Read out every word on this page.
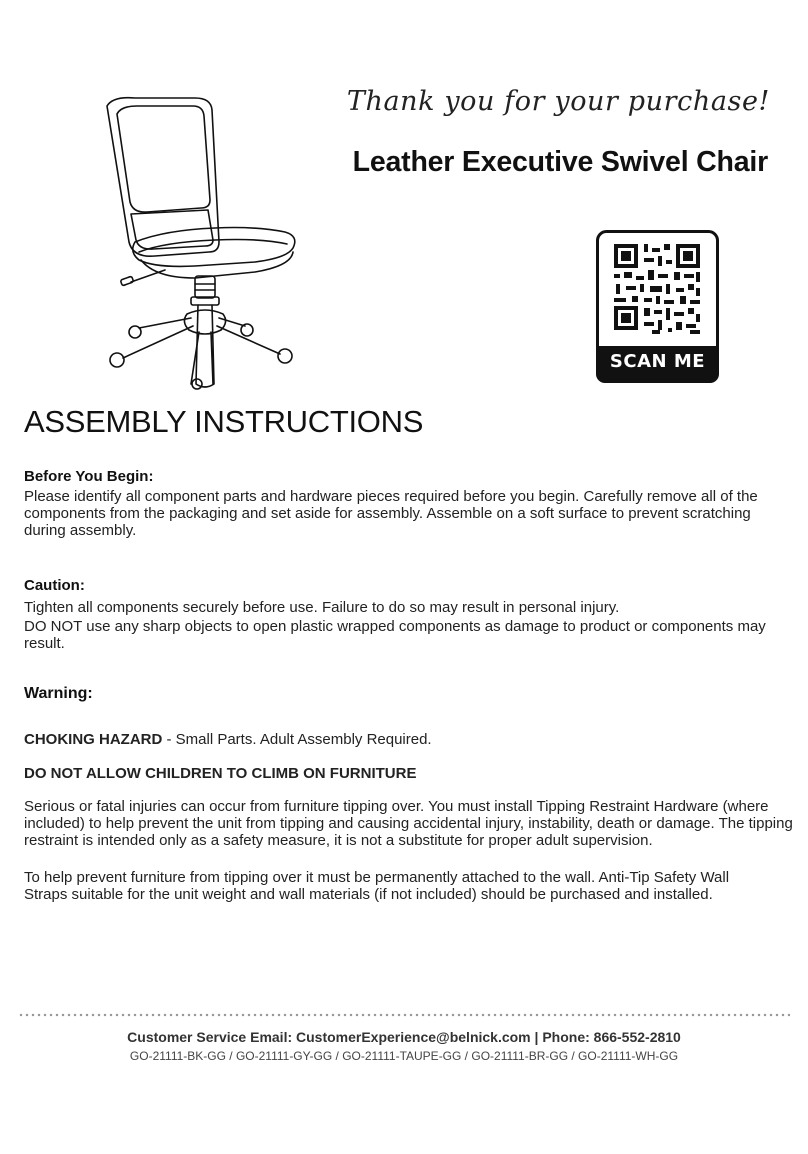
Thank you for your purchase!
Leather Executive Swivel Chair
SCAN ME
ASSEMBLY INSTRUCTIONS
Before You Begin:
Please identify all component parts and hardware pieces required before you begin. Carefully remove all of the components from the packaging and set aside for assembly. Assemble on a soft surface to prevent scratching during assembly.
Caution:
Tighten all components securely before use. Failure to do so may result in personal injury.
DO NOT use any sharp objects to open plastic wrapped components as damage to product or components may result.
Warning:
CHOKING HAZARD - Small Parts. Adult Assembly Required.
DO NOT ALLOW CHILDREN TO CLIMB ON FURNITURE
Serious or fatal injuries can occur from furniture tipping over. You must install Tipping Restraint Hardware (where included) to help prevent the unit from tipping and causing accidental injury, instability, death or damage. The tipping restraint is intended only as a safety measure, it is not a substitute for proper adult supervision.
To help prevent furniture from tipping over it must be permanently attached to the wall. Anti-Tip Safety Wall Straps suitable for the unit weight and wall materials (if not included) should be purchased and installed.
Customer Service Email: CustomerExperience@belnick.com | Phone: 866-552-2810
GO-21111-BK-GG / GO-21111-GY-GG / GO-21111-TAUPE-GG / GO-21111-BR-GG / GO-21111-WH-GG
